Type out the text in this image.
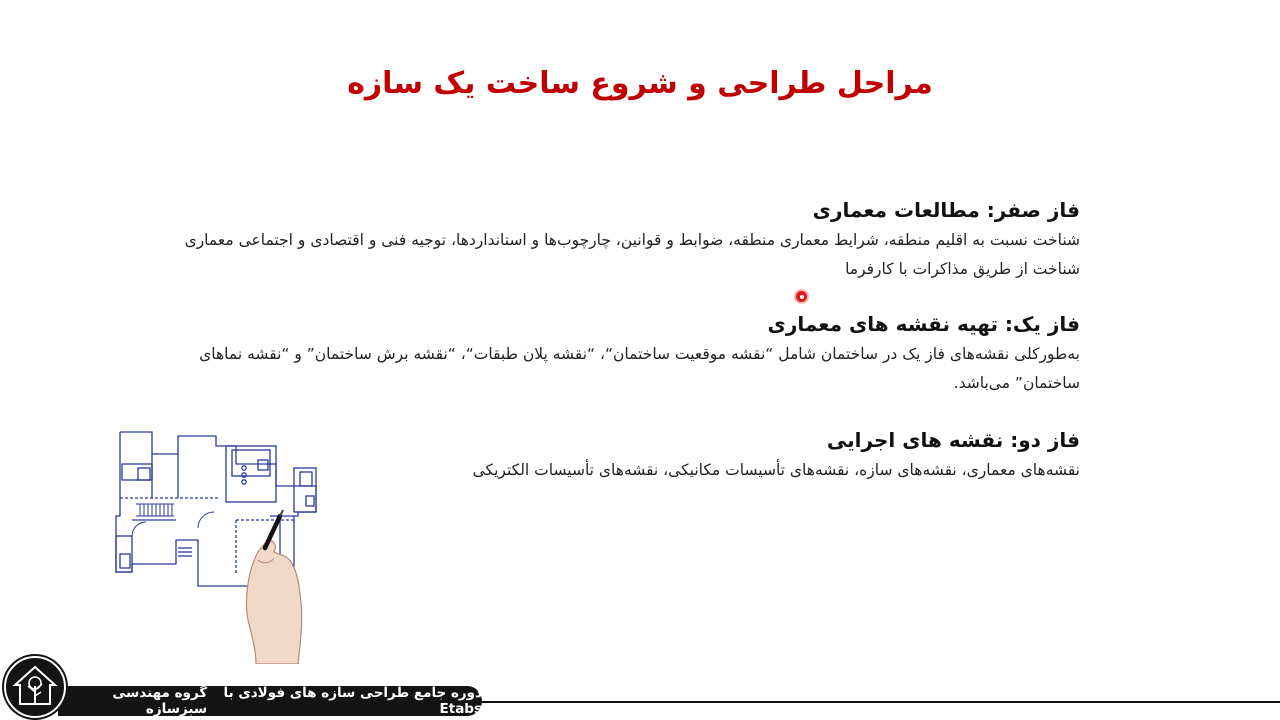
مراحل طراحی و شروع ساخت یک سازه
فاز صفر: مطالعات معماری

شناخت نسبت به اقلیم منطقه، شرایط معماری منطقه، ضوابط و قوانین، چارچوب‌ها و استانداردها، توجیه فنی و اقتصادی و اجتماعی معماری

شناخت از طریق مذاکرات با کارفرما

فاز یک: تهیه نقشه های معماری

به‌طورکلی نقشه‌های فاز یک در ساختمان شامل “نقشه موقعیت ساختمان“، “نقشه پلان طبقات“، “نقشه برش ساختمان” و “نقشه نماهای

ساختمان” می‌باشد.

فاز دو: نقشه های اجرایی

نقشه‌های معماری، نقشه‌های سازه، نقشه‌های تأسیسات مکانیکی، نقشه‌های تأسیسات الکتریکی

دوره جامع طراحی سازه های فولادی با Etabs
گروه مهندسی سبزسازه
